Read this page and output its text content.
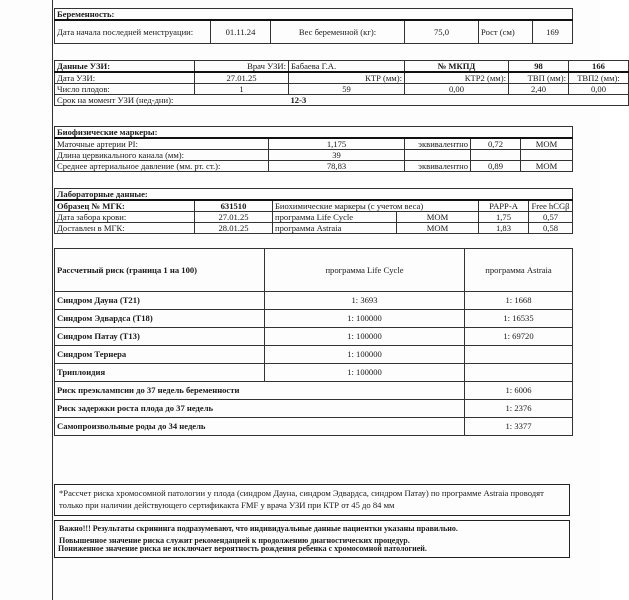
Беременность:
Дата начала последней менструации:	01.11.24	Вес беременной (кг):	75,0	Рост (см)	169
Данные УЗИ:	Врач УЗИ:	Бабаева Г.А.	№ МКПД	98	166
Дата УЗИ:	27.01.25	КТР (мм):	КТР2 (мм):	ТВП (мм):	ТВП2 (мм):
Число плодов:	1	59	0,00	2,40	0,00
Срок на момент УЗИ (нед-дни):		12-3			
Биофизические маркеры:				
Маточные артерии PI:	1,175	эквивалентно	0,72	MOM
Длина цервикального канала (мм):	39			
Среднее артериальное давление (мм. рт. ст.):	78,83	эквивалентно	0,89	MOM
Лабораторные данные:					
Образец № МГК:	631510	Биохимические маркеры (с учетом веса)		PAPP-A	Free hCGβ
Дата забора крови:	27.01.25	программа Life Cycle	MOM	1,75	0,57
Доставлен в МГК:	28.01.25	программа Astraia	MOM	1,83	0,58
Рассчетный риск (граница 1 на 100)	программа Life Cycle	программа Astraia
Синдром Дауна (T21)	1: 3693	1: 1668
Синдром Эдвардса (T18)	1: 100000	1: 16535
Синдром Патау (T13)	1: 100000	1: 69720
Синдром Тернера	1: 100000	
Триплоидия	1: 100000	
Риск преэклампсии до 37 недель беременности		1: 6006
Риск задержки роста плода до 37 недель		1: 2376
Самопроизвольные роды до 34 недель		1: 3377

*Рассчет риска хромосомной патологии у плода (синдром Дауна, синдром Эдвардса, синдром Патау) по программе Astraia проводят только при наличии действующего сертификакта FMF у врача УЗИ при КТР от 45 до 84 мм

Важно!!! Результаты скрининга подразумевают, что индивидуальные данные пациентки указаны правильно.

Повышенное значение риска служит рекомендацией к продолжению диагностических процедур.

Пониженное значение риска не исключает вероятность рождения ребенка с хромосомной патологией.
